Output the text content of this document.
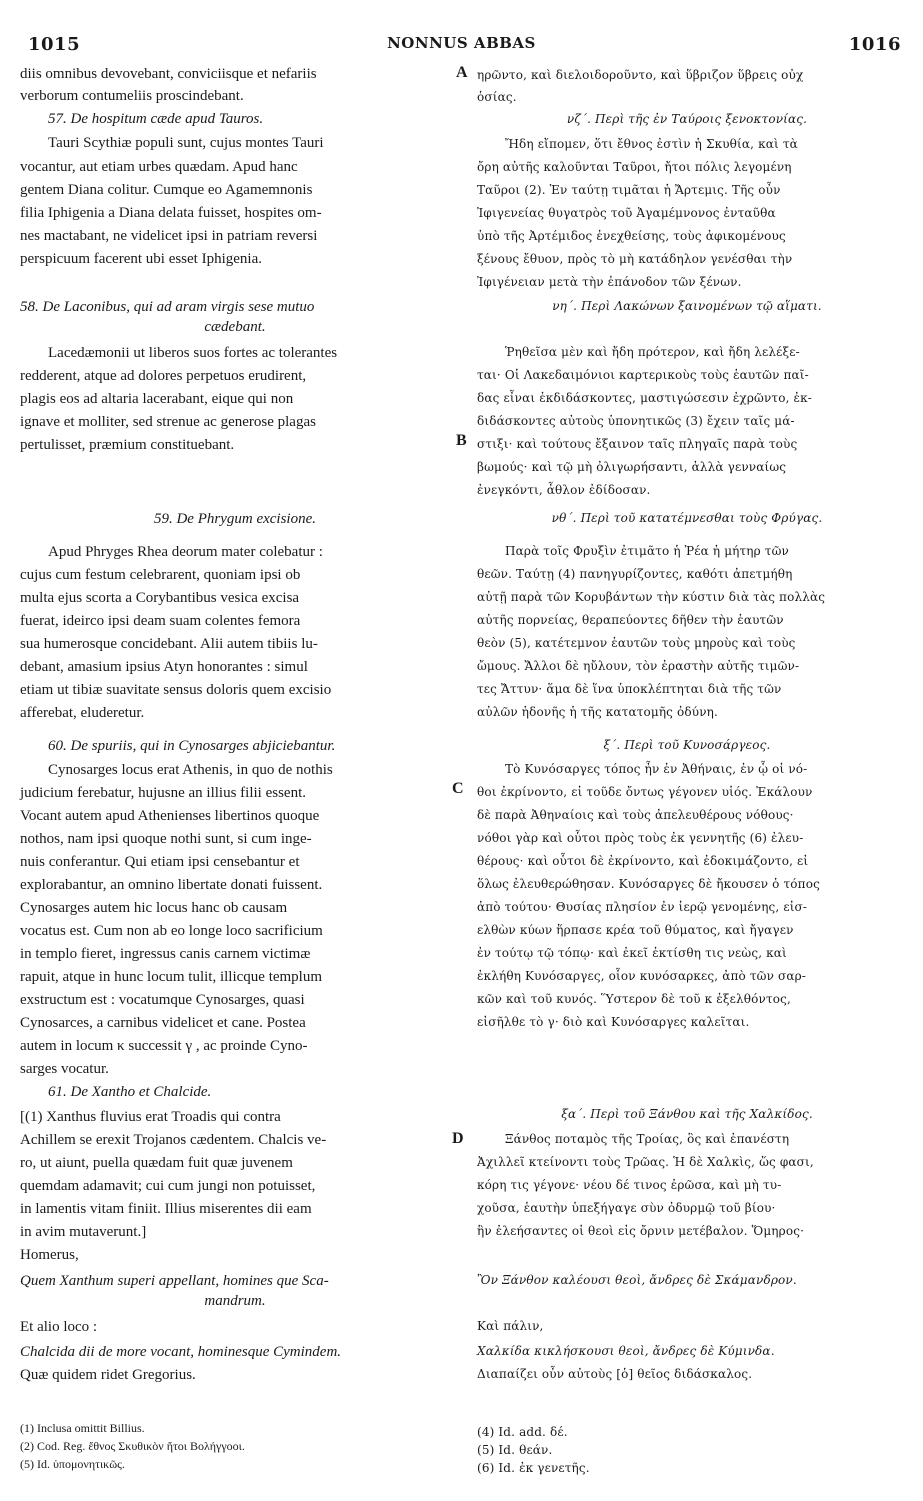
1015	NONNUS ABBAS	1016
diis omnibus devovebant, conviciisque et nefariis
verborum contumeliis proscindebant.
57. De hospitum cæde apud Tauros.
Tauri Scythiæ populi sunt, cujus montes Tauri
vocantur, aut etiam urbes quædam. Apud hanc
gentem Diana colitur. Cumque eo Agamemnonis
filia Iphigenia a Diana delata fuisset, hospites om-
nes mactabant, ne videlicet ipsi in patriam reversi
perspicuum facerent ubi esset Iphigenia.
58. De Laconibus, qui ad aram virgis sese mutuo
cædebant.
Lacedæmonii ut liberos suos fortes ac tolerantes
redderent, atque ad dolores perpetuos erudirent,
plagis eos ad altaria lacerabant, eique qui non
ignave et molliter, sed strenue ac generose plagas
pertulisset, præmium constituebant.
59. De Phrygum excisione.
Apud Phryges Rhea deorum mater colebatur :
cujus cum festum celebrarent, quoniam ipsi ob
multa ejus scorta a Corybantibus vesica excisa
fuerat, ideirco ipsi deam suam colentes femora
sua humerosque concidebant. Alii autem tibiis lu-
debant, amasium ipsius Atyn honorantes : simul
etiam ut tibiæ suavitate sensus doloris quem excisio
afferebat, eluderetur.
60. De spuriis, qui in Cynosarges abjiciebantur.
Cynosarges locus erat Athenis, in quo de nothis
judicium ferebatur, hujusne an illius filii essent.
Vocant autem apud Athenienses libertinos quoque
nothos, nam ipsi quoque nothi sunt, si cum inge-
nuis conferantur. Qui etiam ipsi censebantur et
explorabantur, an omnino libertate donati fuissent.
Cynosarges autem hic locus hanc ob causam
vocatus est. Cum non ab eo longe loco sacrificium
in templo fieret, ingressus canis carnem victimæ
rapuit, atque in hunc locum tulit, illicque templum
exstructum est : vocatumque Cynosarges, quasi
Cynosarces, a carnibus videlicet et cane. Postea
autem in locum κ successit γ , ac proinde Cyno-
sarges vocatur.
61. De Xantho et Chalcide.
[(1) Xanthus fluvius erat Troadis qui contra
Achillem se erexit Trojanos cædentem. Chalcis ve-
ro, ut aiunt, puella quædam fuit quæ juvenem
quemdam adamavit; cui cum jungi non potuisset,
in lamentis vitam finiit. Illius miserentes dii eam
in avim mutaverunt.]
Homerus,
Quem Xanthum superi appellant, homines que Sca-
mandrum.
Et alio loco :
Chalcida dii de more vocant, hominesque Cymindem.
Quæ quidem ridet Gregorius.
(1) Inclusa omittit Billius.
(2) Cod. Reg. ἔθνος Σκυθικὸν ἤτοι Βολήγγοοι.
(5) Id. ὑπομονητικῶς.
A
B
C
D
ηρῶντο, καὶ διελοιδοροῦντο, καὶ ὕβριζον ὕβρεις οὐχ
ὁσίας.
νζ΄. Περὶ τῆς ἐν Ταύροις ξενοκτονίας.
Ἤδη εἴπομεν, ὅτι ἔθνος ἐστὶν ἡ Σκυθία, καὶ τὰ
ὄρη αὐτῆς καλοῦνται Ταῦροι, ἤτοι πόλις λεγομένη
Ταῦροι (2). Ἐν ταύτῃ τιμᾶται ἡ Ἄρτεμις. Τῆς οὖν
Ἰφιγενείας θυγατρὸς τοῦ Ἀγαμέμνονος ἐνταῦθα
ὑπὸ τῆς Ἀρτέμιδος ἐνεχθείσης, τοὺς ἀφικομένους
ξένους ἔθυον, πρὸς τὸ μὴ κατάδηλον γενέσθαι τὴν
Ἰφιγένειαν μετὰ τὴν ἐπάνοδον τῶν ξένων.
νη΄. Περὶ Λακώνων ξαινομένων τῷ αἵματι.
Ῥηθεῖσα μὲν καὶ ἤδη πρότερον, καὶ ἤδη λελέξε-
ται· Οἱ Λακεδαιμόνιοι καρτερικοὺς τοὺς ἑαυτῶν παῖ-
δας εἶναι ἐκδιδάσκοντες, μαστιγώσεσιν ἐχρῶντο, ἐκ-
διδάσκοντες αὐτοὺς ὑπονητικῶς (3) ἔχειν ταῖς μά-
στιξι· καὶ τούτους ἔξαινον ταῖς πληγαῖς παρὰ τοὺς
βωμούς· καὶ τῷ μὴ ὀλιγωρήσαντι, ἀλλὰ γενναίως
ἐνεγκόντι, ἆθλον ἐδίδοσαν.
νθ΄. Περὶ τοῦ κατατέμνεσθαι τοὺς Φρύγας.
Παρὰ τοῖς Φρυξὶν ἐτιμᾶτο ἡ Ῥέα ἡ μήτηρ τῶν
θεῶν. Ταύτῃ (4) πανηγυρίζοντες, καθότι ἀπετμήθη
αὐτῇ παρὰ τῶν Κορυβάντων τὴν κύστιν διὰ τὰς πολλὰς
αὐτῆς πορνείας, θεραπεύοντες δῆθεν τὴν ἑαυτῶν
θεὸν (5), κατέτεμνον ἑαυτῶν τοὺς μηροὺς καὶ τοὺς
ὤμους. Ἄλλοι δὲ ηὔλουν, τὸν ἐραστὴν αὐτῆς τιμῶν-
τες Ἄττυν· ἅμα δὲ ἵνα ὑποκλέπτηται διὰ τῆς τῶν
αὐλῶν ἡδονῆς ἡ τῆς κατατομῆς ὀδύνη.
ξ΄. Περὶ τοῦ Κυνοσάργεος.
Τὸ Κυνόσαργες τόπος ἦν ἐν Ἀθήναις, ἐν ᾧ οἱ νό-
θοι ἐκρίνοντο, εἰ τοῦδε ὄντως γέγονεν υἱός. Ἐκάλουν
δὲ παρὰ Ἀθηναίοις καὶ τοὺς ἀπελευθέρους νόθους·
νόθοι γὰρ καὶ οὗτοι πρὸς τοὺς ἐκ γεννητῆς (6) ἐλευ-
θέρους· καὶ οὗτοι δὲ ἐκρίνοντο, καὶ ἐδοκιμάζοντο, εἰ
ὅλως ἐλευθερώθησαν. Κυνόσαργες δὲ ἤκουσεν ὁ τόπος
ἀπὸ τούτου· Θυσίας πλησίον ἐν ἱερῷ γενομένης, εἰσ-
ελθὼν κύων ἥρπασε κρέα τοῦ θύματος, καὶ ἤγαγεν
ἐν τούτῳ τῷ τόπῳ· καὶ ἐκεῖ ἐκτίσθη τις νεὼς, καὶ
ἐκλήθη Κυνόσαργες, οἷον κυνόσαρκες, ἀπὸ τῶν σαρ-
κῶν καὶ τοῦ κυνός. Ὕστερον δὲ τοῦ κ ἐξελθόντος,
εἰσῆλθε τὸ γ· διὸ καὶ Κυνόσαργες καλεῖται.
ξα΄. Περὶ τοῦ Ξάνθου καὶ τῆς Χαλκίδος.
Ξάνθος ποταμὸς τῆς Τροίας, ὃς καὶ ἐπανέστη
Ἀχιλλεῖ κτείνοντι τοὺς Τρῶας. Ἡ δὲ Χαλκὶς, ὥς φασι,
κόρη τις γέγονε· νέου δέ τινος ἐρῶσα, καὶ μὴ τυ-
χοῦσα, ἑαυτὴν ὑπεξήγαγε σὺν ὀδυρμῷ τοῦ βίου·
ἣν ἐλεήσαντες οἱ θεοὶ εἰς ὄρνιν μετέβαλον. Ὅμηρος·
Ὃν Ξάνθον καλέουσι θεοὶ, ἄνδρες δὲ Σκάμανδρον.
Καὶ πάλιν,
Χαλκίδα κικλήσκουσι θεοὶ, ἄνδρες δὲ Κύμινδα.
Διαπαίζει οὖν αὐτοὺς [ὁ] θεῖος διδάσκαλος.
(4) Id. add. δέ.
(5) Id. θεάν.
(6) Id. ἐκ γενετῆς.
